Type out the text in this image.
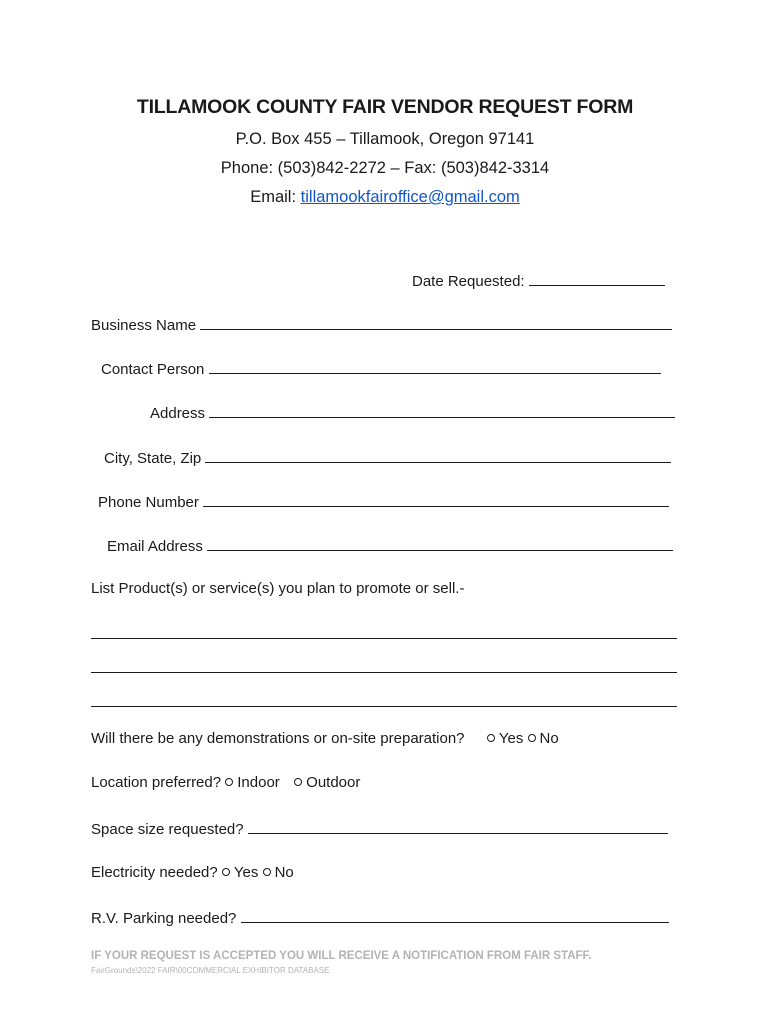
TILLAMOOK COUNTY FAIR VENDOR REQUEST FORM
P.O. Box 455 – Tillamook, Oregon 97141
Phone: (503)842-2272 – Fax: (503)842-3314
Email: tillamookfairoffice@gmail.com
Date Requested:
Business Name
Contact Person
Address
City, State, Zip
Phone Number
Email Address
List Product(s) or service(s) you plan to promote or sell.-
Will there be any demonstrations or on-site preparation? Yes No
Location preferred? Indoor Outdoor
Space size requested?
Electricity needed? Yes No
R.V. Parking needed?
IF YOUR REQUEST IS ACCEPTED YOU WILL RECEIVE A NOTIFICATION FROM FAIR STAFF.
FairGrounds\2022 FAIR\00COMMERCIAL EXHIBITOR DATABASE
